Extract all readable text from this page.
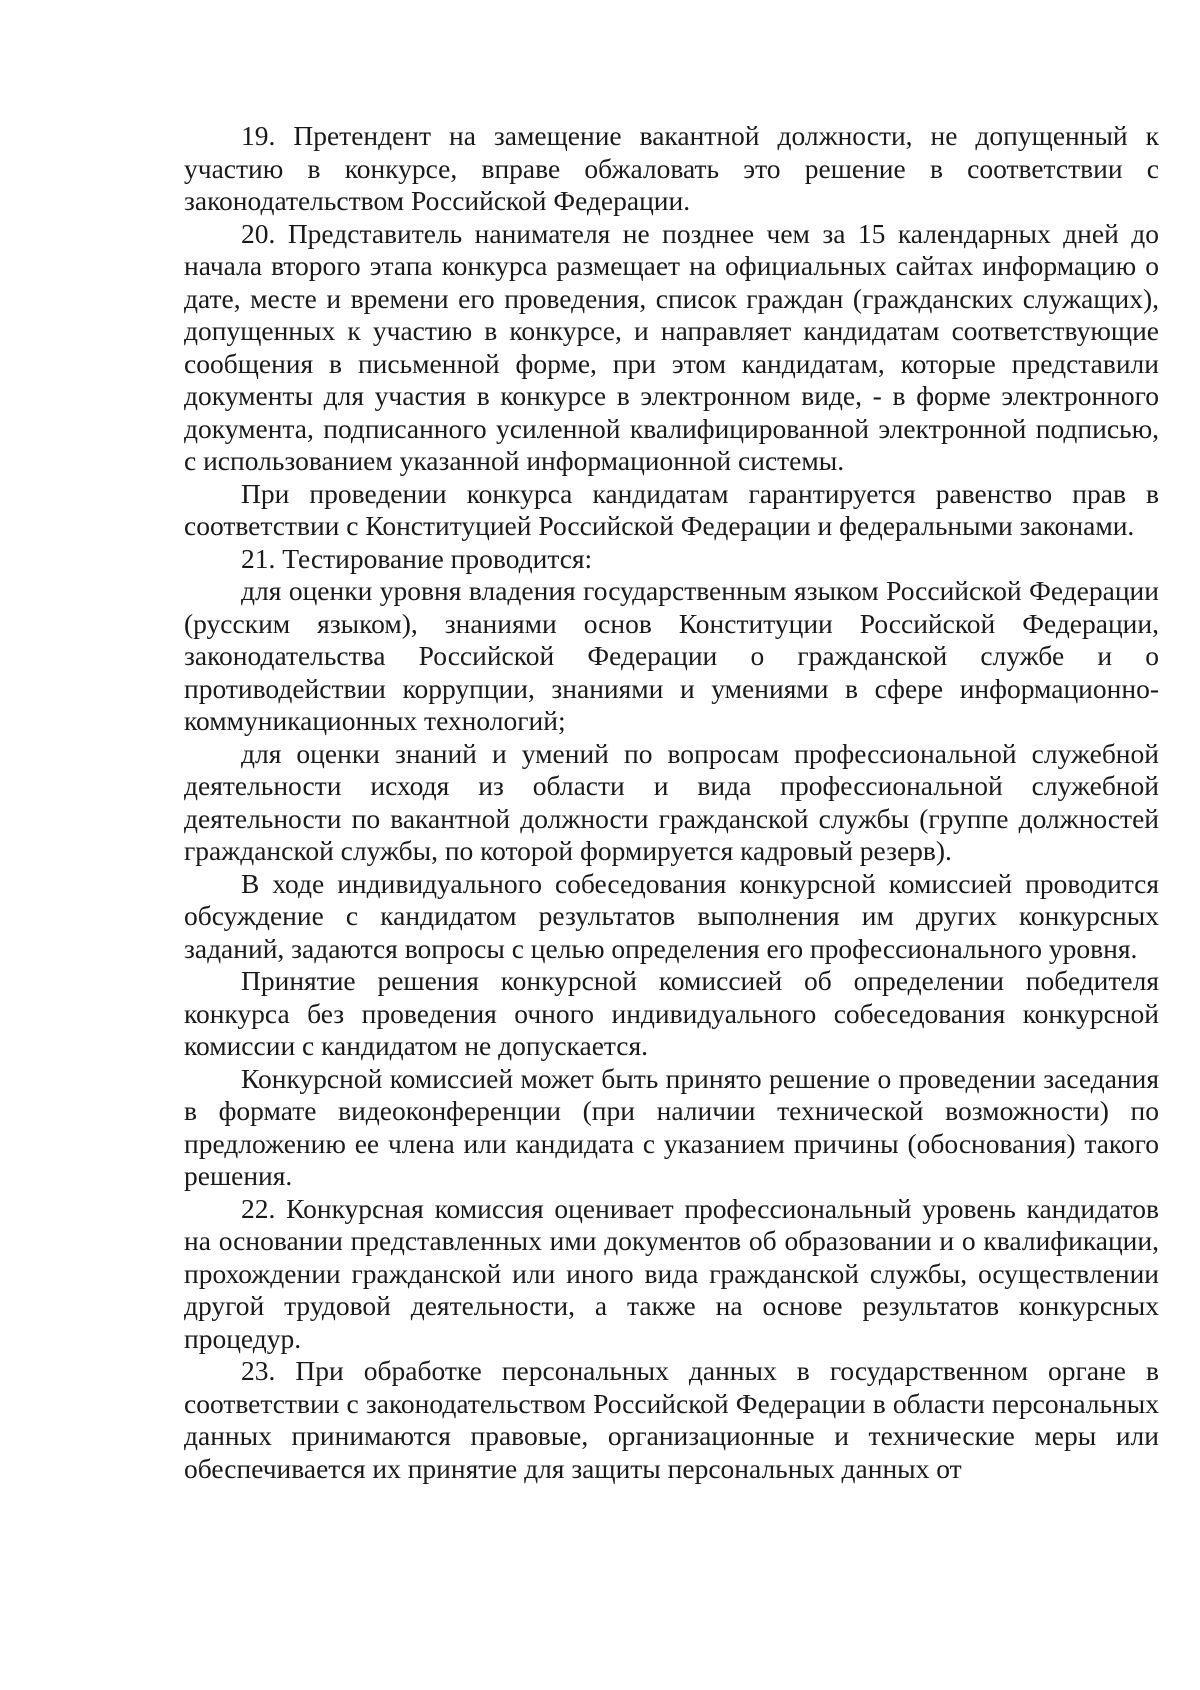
19. Претендент на замещение вакантной должности, не допущенный к участию в конкурсе, вправе обжаловать это решение в соответствии с законодательством Российской Федерации.

20. Представитель нанимателя не позднее чем за 15 календарных дней до начала второго этапа конкурса размещает на официальных сайтах информацию о дате, месте и времени его проведения, список граждан (гражданских служащих), допущенных к участию в конкурсе, и направляет кандидатам соответствующие сообщения в письменной форме, при этом кандидатам, которые представили документы для участия в конкурсе в электронном виде, - в форме электронного документа, подписанного усиленной квалифицированной электронной подписью, с использованием указанной информационной системы.

При проведении конкурса кандидатам гарантируется равенство прав в соответствии с Конституцией Российской Федерации и федеральными законами.

21. Тестирование проводится:

для оценки уровня владения государственным языком Российской Федерации (русским языком), знаниями основ Конституции Российской Федерации, законодательства Российской Федерации о гражданской службе и о противодействии коррупции, знаниями и умениями в сфере информационно-коммуникационных технологий;

для оценки знаний и умений по вопросам профессиональной служебной деятельности исходя из области и вида профессиональной служебной деятельности по вакантной должности гражданской службы (группе должностей гражданской службы, по которой формируется кадровый резерв).

В ходе индивидуального собеседования конкурсной комиссией проводится обсуждение с кандидатом результатов выполнения им других конкурсных заданий, задаются вопросы с целью определения его профессионального уровня.

Принятие решения конкурсной комиссией об определении победителя конкурса без проведения очного индивидуального собеседования конкурсной комиссии с кандидатом не допускается.

Конкурсной комиссией может быть принято решение о проведении заседания в формате видеоконференции (при наличии технической возможности) по предложению ее члена или кандидата с указанием причины (обоснования) такого решения.

22. Конкурсная комиссия оценивает профессиональный уровень кандидатов на основании представленных ими документов об образовании и о квалификации, прохождении гражданской или иного вида гражданской службы, осуществлении другой трудовой деятельности, а также на основе результатов конкурсных процедур.

23. При обработке персональных данных в государственном органе в соответствии с законодательством Российской Федерации в области персональных данных принимаются правовые, организационные и технические меры или обеспечивается их принятие для защиты персональных данных от
